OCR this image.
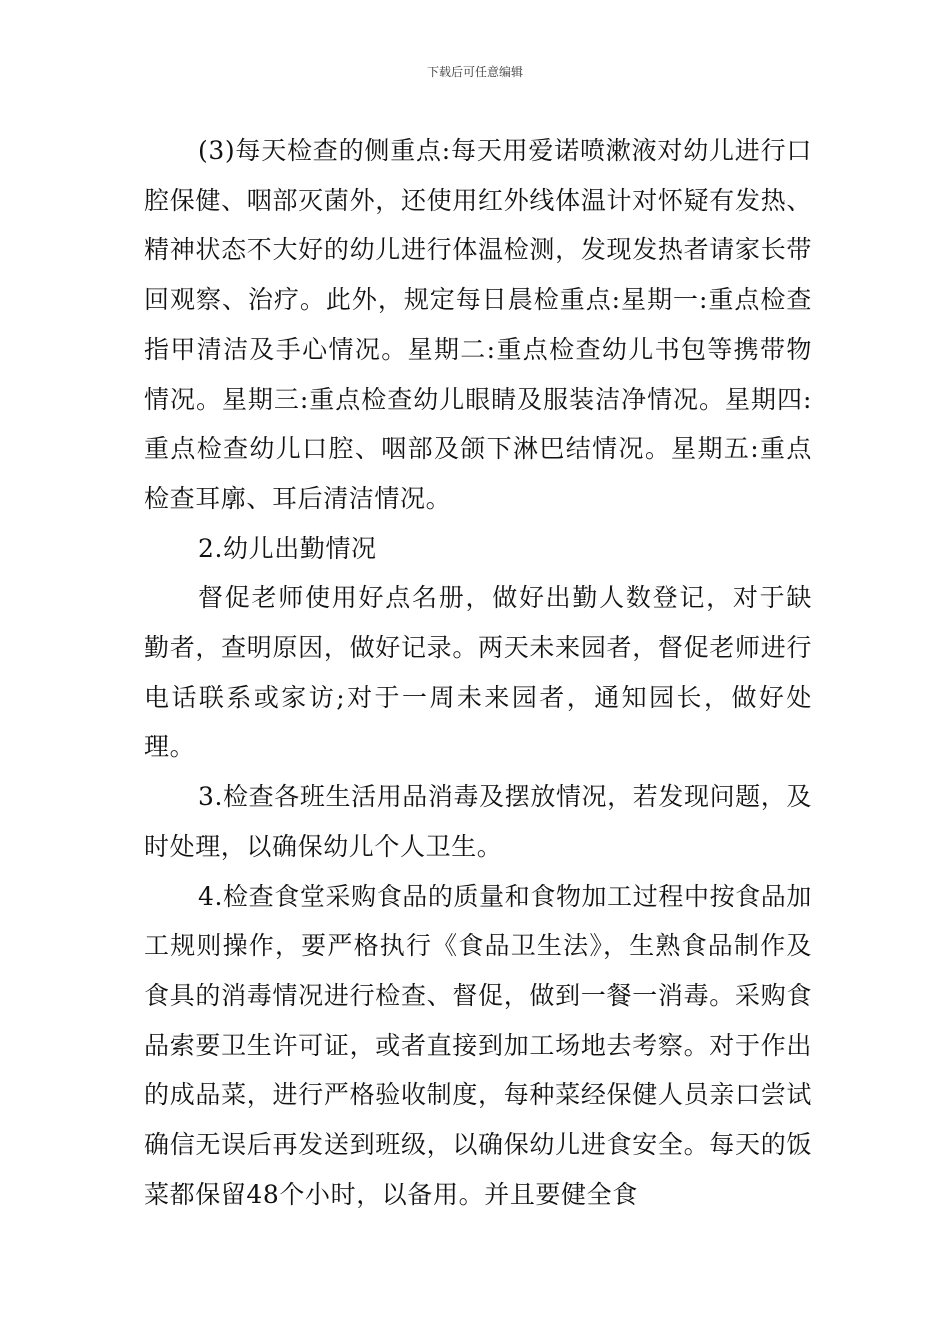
下载后可任意编辑

(3)每天检查的侧重点:每天用爱诺喷漱液对幼儿进行口腔保健、咽部灭菌外，还使用红外线体温计对怀疑有发热、精神状态不大好的幼儿进行体温检测，发现发热者请家长带回观察、治疗。此外，规定每日晨检重点:星期一:重点检查指甲清洁及手心情况。星期二:重点检查幼儿书包等携带物情况。星期三:重点检查幼儿眼睛及服装洁净情况。星期四:重点检查幼儿口腔、咽部及颌下淋巴结情况。星期五:重点检查耳廓、耳后清洁情况。

2.幼儿出勤情况

督促老师使用好点名册，做好出勤人数登记，对于缺勤者，查明原因，做好记录。两天未来园者，督促老师进行电话联系或家访;对于一周未来园者，通知园长，做好处理。

3.检查各班生活用品消毒及摆放情况，若发现问题，及时处理，以确保幼儿个人卫生。

4.检查食堂采购食品的质量和食物加工过程中按食品加工规则操作，要严格执行《食品卫生法》，生熟食品制作及食具的消毒情况进行检查、督促，做到一餐一消毒。采购食品索要卫生许可证，或者直接到加工场地去考察。对于作出的成品菜，进行严格验收制度，每种菜经保健人员亲口尝试确信无误后再发送到班级，以确保幼儿进食安全。每天的饭菜都保留48个小时，以备用。并且要健全食
